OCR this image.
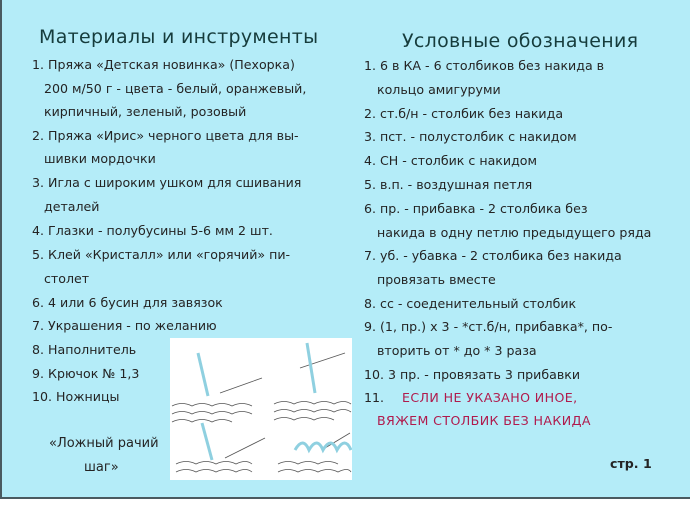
Материалы и инструменты
1. Пряжа «Детская новинка» (Пехорка)
200 м/50 г - цвета - белый, оранжевый,
кирпичный, зеленый, розовый
2. Пряжа «Ирис» черного цвета для вы-
шивки мордочки
3. Игла с широким ушком для сшивания
деталей
4. Глазки - полубусины 5-6 мм 2 шт.
5. Клей «Кристалл» или «горячий» пи-
столет
6. 4 или 6 бусин для завязок
7. Украшения - по желанию
8. Наполнитель
9. Крючок № 1,3
10. Ножницы
Условные обозначения
1. 6 в КА - 6 столбиков без накида в
кольцо амигуруми
2. ст.б/н - столбик без накида
3. пст. - полустолбик с накидом
4. СН - столбик с накидом
5. в.п. - воздушная петля
6. пр. - прибавка - 2 столбика без
накида в одну петлю предыдущего ряда
7. уб. - убавка - 2 столбика без накида
провязать вместе
8. сс - соеденительный столбик
9. (1, пр.) х 3 - *ст.б/н, прибавка*, по-
вторить от * до * 3 раза
10. 3 пр. - провязать 3 прибавки
11. ЕСЛИ НЕ УКАЗАНО ИНОЕ,
ВЯЖЕМ СТОЛБИК БЕЗ НАКИДА
«Ложный рачий
шаг»	стр. 1
